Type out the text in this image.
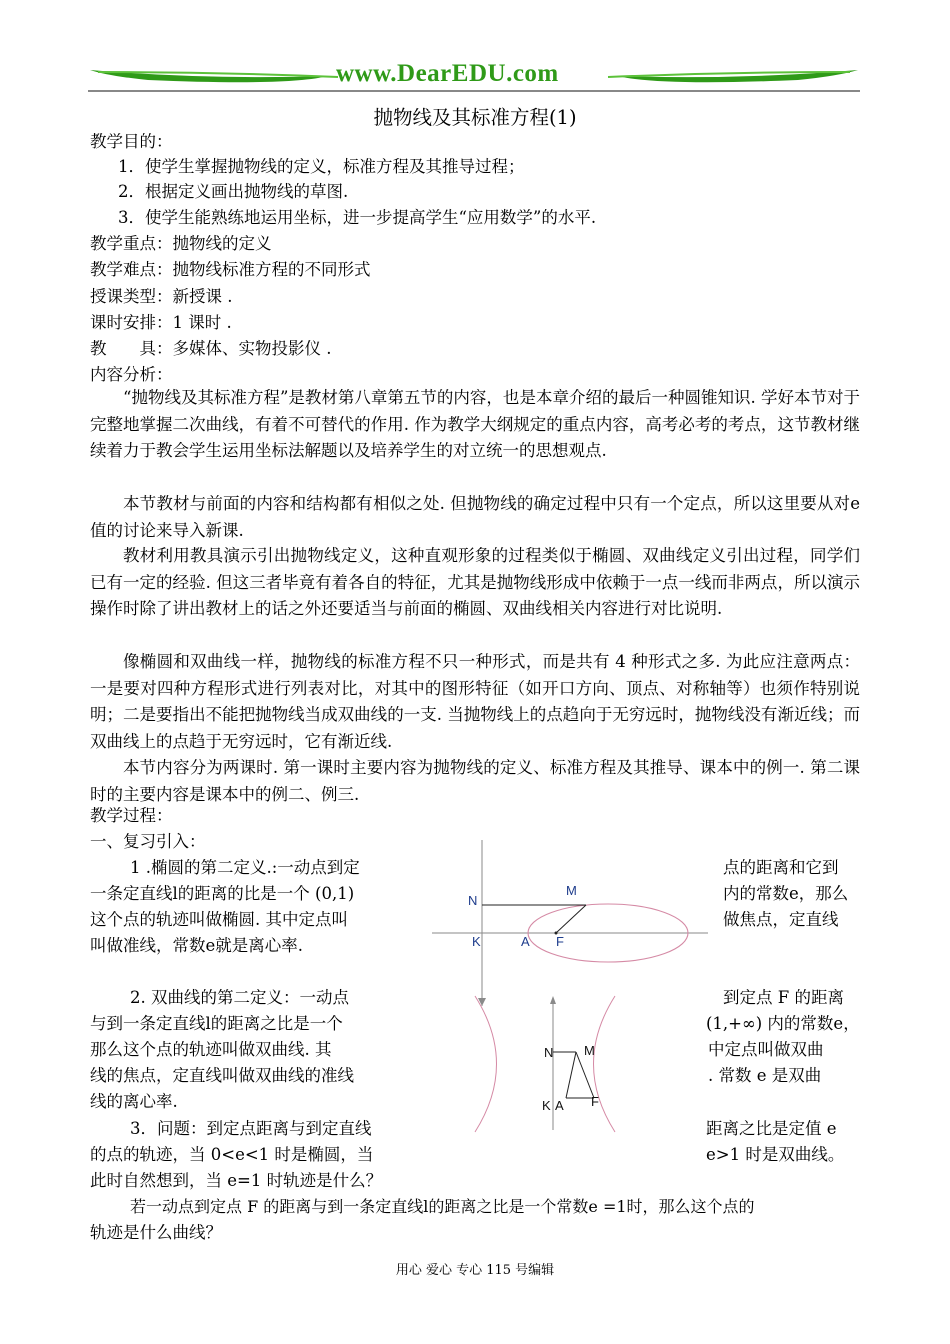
www.DearEDU.com
抛物线及其标准方程(1)
教学目的：
1．使学生掌握抛物线的定义，标准方程及其推导过程；
2．根据定义画出抛物线的草图.
3．使学生能熟练地运用坐标，进一步提高学生“应用数学”的水平.
教学重点：抛物线的定义
教学难点：抛物线标准方程的不同形式
授课类型：新授课 .
课时安排：1 课时 .
教　　具：多媒体、实物投影仪 .
内容分析：
“抛物线及其标准方程”是教材第八章第五节的内容，也是本章介绍的最后一种圆锥知识. 学好本节对于完整地掌握二次曲线，有着不可替代的作用. 作为教学大纲规定的重点内容，高考必考的考点，这节教材继续着力于教会学生运用坐标法解题以及培养学生的对立统一的思想观点.
本节教材与前面的内容和结构都有相似之处. 但抛物线的确定过程中只有一个定点，所以这里要从对e值的讨论来导入新课.
教材利用教具演示引出抛物线定义，这种直观形象的过程类似于椭圆、双曲线定义引出过程，同学们已有一定的经验. 但这三者毕竟有着各自的特征，尤其是抛物线形成中依赖于一点一线而非两点，所以演示操作时除了讲出教材上的话之外还要适当与前面的椭圆、双曲线相关内容进行对比说明.
像椭圆和双曲线一样，抛物线的标准方程不只一种形式，而是共有 4 种形式之多. 为此应注意两点：一是要对四种方程形式进行列表对比，对其中的图形特征（如开口方向、顶点、对称轴等）也须作特别说明；二是要指出不能把抛物线当成双曲线的一支. 当抛物线上的点趋向于无穷远时，抛物线没有渐近线；而双曲线上的点趋于无穷远时，它有渐近线.
本节内容分为两课时. 第一课时主要内容为抛物线的定义、标准方程及其推导、课本中的例一. 第二课时的主要内容是课本中的例二、例三.
教学过程：
一、复习引入：
1 .椭圆的第二定义.:一动点到定
一条定直线l的距离的比是一个 (0,1)
这个点的轨迹叫做椭圆. 其中定点叫
叫做准线，常数e就是离心率.
点的距离和它到
内的常数e，那么
做焦点，定直线
2. 双曲线的第二定义：一动点
与到一条定直线l的距离之比是一个
那么这个点的轨迹叫做双曲线. 其
线的焦点，定直线叫做双曲线的准线
线的离心率.
到定点 F 的距离
(1,+∞) 内的常数e，
中定点叫做双曲
. 常数 e 是双曲
3．问题：到定点距离与到定直线
的点的轨迹，当 0<e<1 时是椭圆，当
此时自然想到，当 e=1 时轨迹是什么？
距离之比是定值 e
e>1 时是双曲线。
若一动点到定点 F 的距离与到一条定直线l的距离之比是一个常数e =1时，那么这个点的
轨迹是什么曲线？
N
M
K	A F
N M
K A F
用心 爱心 专心 115 号编辑
